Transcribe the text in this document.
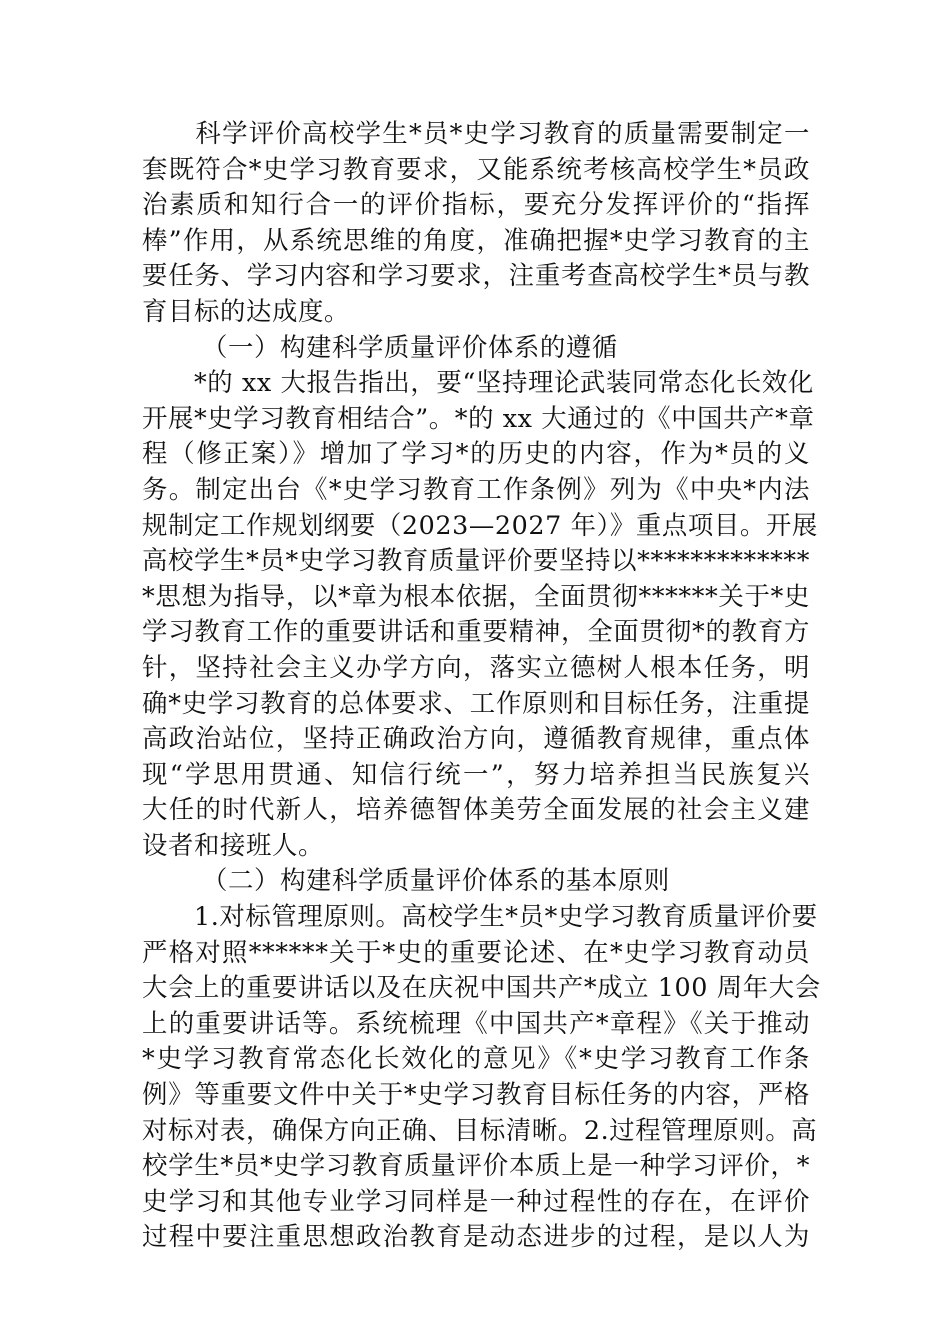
　　科学评价高校学生*员*史学习教育的质量需要制定一
套既符合*史学习教育要求，又能系统考核高校学生*员政
治素质和知行合一的评价指标，要充分发挥评价的“指挥
棒”作用，从系统思维的角度，准确把握*史学习教育的主
要任务、学习内容和学习要求，注重考查高校学生*员与教
育目标的达成度。
（一）构建科学质量评价体系的遵循
　　*的 xx 大报告指出，要“坚持理论武装同常态化长效化
开展*史学习教育相结合”。*的 xx 大通过的《中国共产*章
程（修正案）》增加了学习*的历史的内容，作为*员的义
务。制定出台《*史学习教育工作条例》列为《中央*内法
规制定工作规划纲要（2023—2027 年）》重点项目。开展
高校学生*员*史学习教育质量评价要坚持以*************
*思想为指导，以*章为根本依据，全面贯彻******关于*史
学习教育工作的重要讲话和重要精神，全面贯彻*的教育方
针，坚持社会主义办学方向，落实立德树人根本任务，明
确*史学习教育的总体要求、工作原则和目标任务，注重提
高政治站位，坚持正确政治方向，遵循教育规律，重点体
现“学思用贯通、知信行统一”，努力培养担当民族复兴
大任的时代新人，培养德智体美劳全面发展的社会主义建
设者和接班人。
（二）构建科学质量评价体系的基本原则
　　1.对标管理原则。高校学生*员*史学习教育质量评价要
严格对照******关于*史的重要论述、在*史学习教育动员
大会上的重要讲话以及在庆祝中国共产*成立 100 周年大会
上的重要讲话等。系统梳理《中国共产*章程》《关于推动
*史学习教育常态化长效化的意见》《*史学习教育工作条
例》等重要文件中关于*史学习教育目标任务的内容，严格
对标对表，确保方向正确、目标清晰。2.过程管理原则。高
校学生*员*史学习教育质量评价本质上是一种学习评价，*
史学习和其他专业学习同样是一种过程性的存在，在评价
过程中要注重思想政治教育是动态进步的过程，是以人为
